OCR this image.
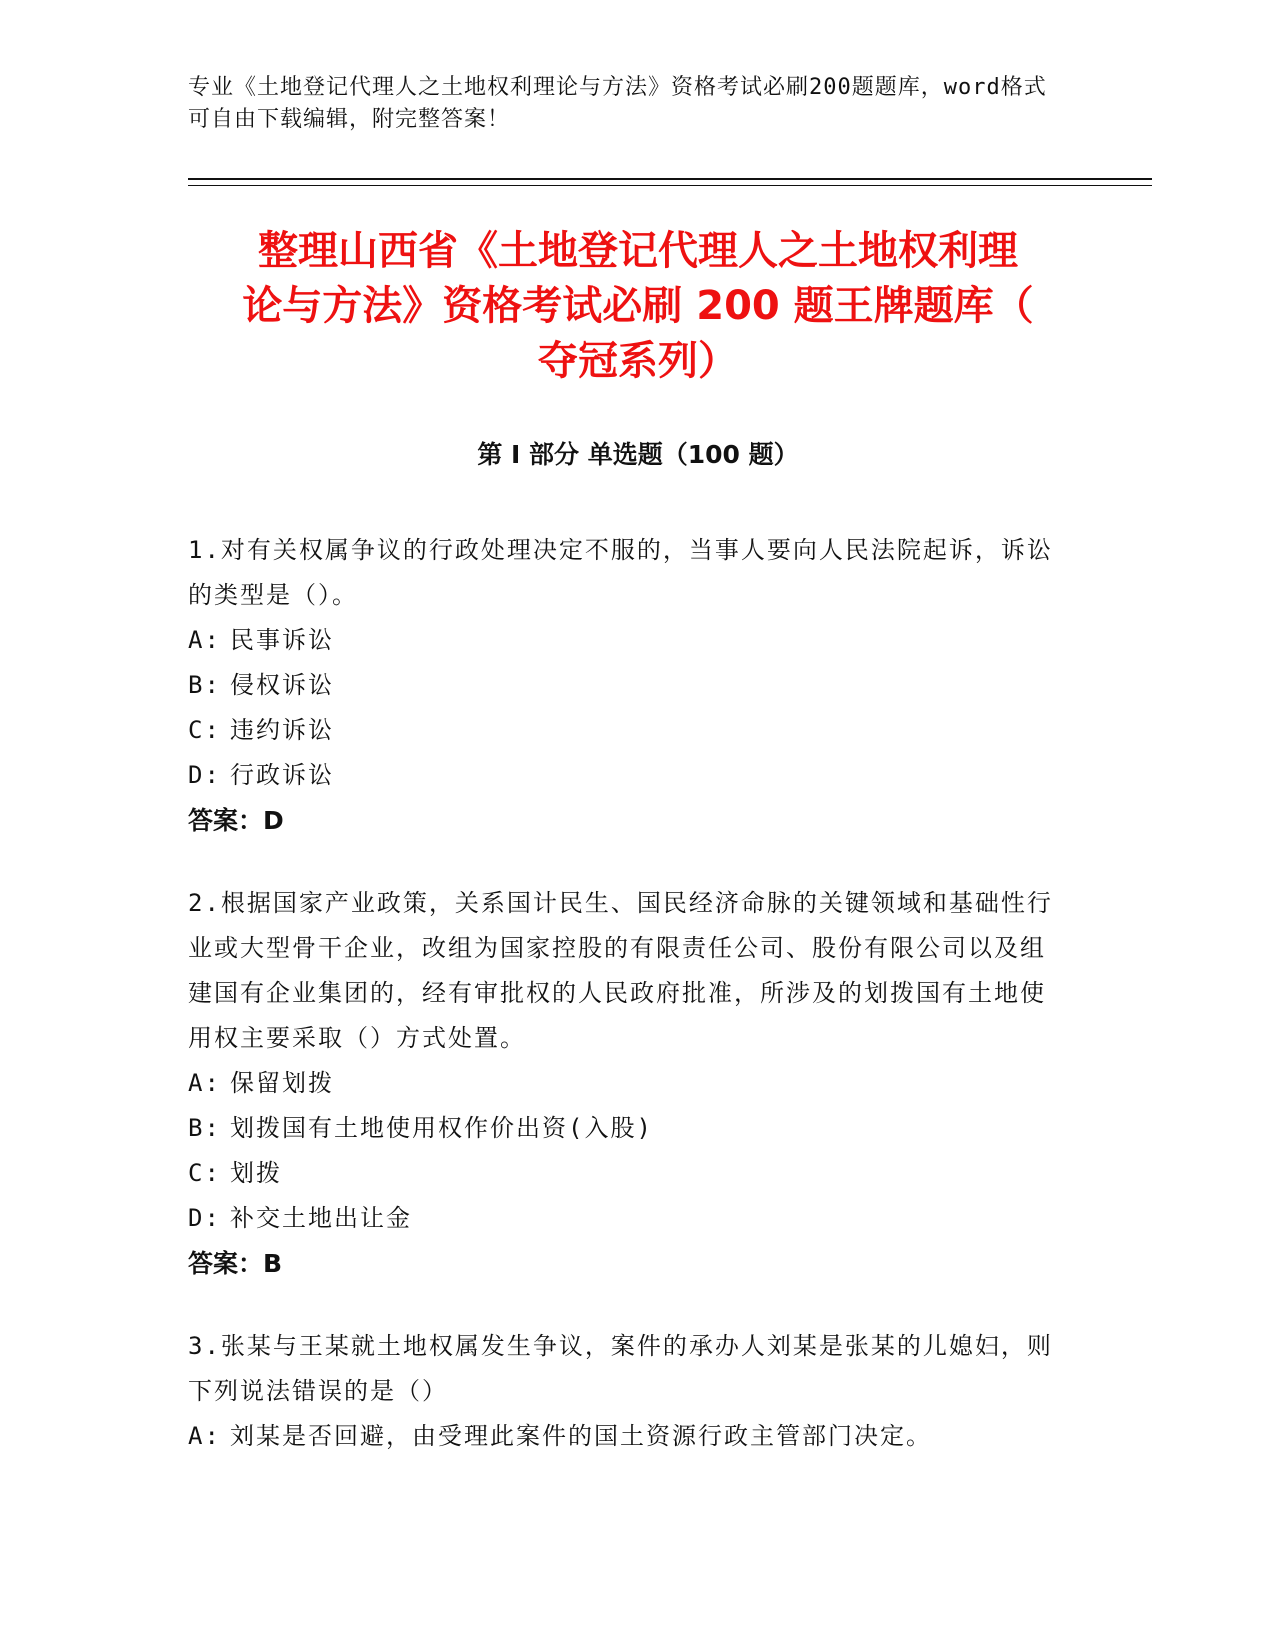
专业《土地登记代理人之土地权利理论与方法》资格考试必刷200题题库，word格式可自由下载编辑，附完整答案！
整理山西省《土地登记代理人之土地权利理
论与方法》资格考试必刷 200 题王牌题库（
夺冠系列）
第 I 部分 单选题（100 题）

1.对有关权属争议的行政处理决定不服的，当事人要向人民法院起诉，诉讼的类型是（）。

A: 民事诉讼
B: 侵权诉讼
C: 违约诉讼
D: 行政诉讼

答案：D

2.根据国家产业政策，关系国计民生、国民经济命脉的关键领域和基础性行业或大型骨干企业，改组为国家控股的有限责任公司、股份有限公司以及组建国有企业集团的，经有审批权的人民政府批准，所涉及的划拨国有土地使用权主要采取（）方式处置。

A: 保留划拨
B: 划拨国有土地使用权作价出资(入股)
C: 划拨
D: 补交土地出让金

答案：B

3.张某与王某就土地权属发生争议，案件的承办人刘某是张某的儿媳妇，则下列说法错误的是（）

A: 刘某是否回避，由受理此案件的国土资源行政主管部门决定。
